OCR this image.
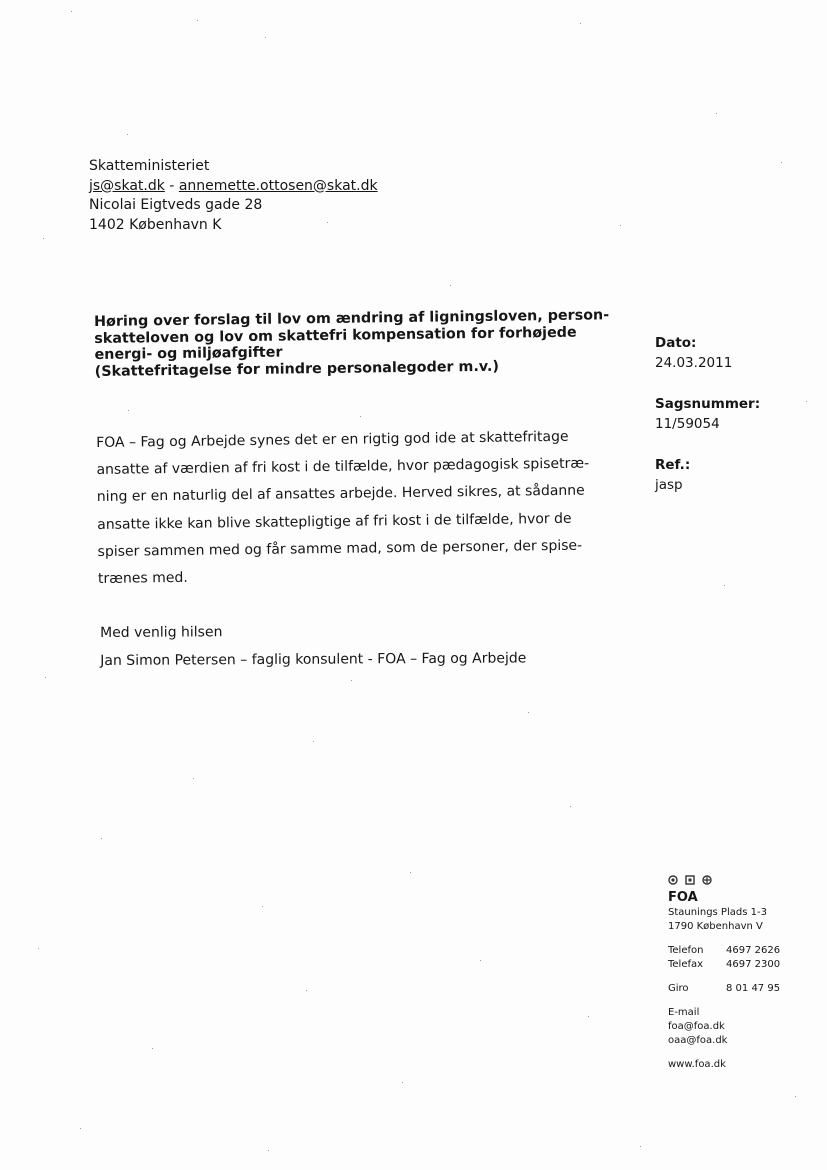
Skatteministeriet
js@skat.dk - annemette.ottosen@skat.dk
Nicolai Eigtveds gade 28
1402 København K
Høring over forslag til lov om ændring af ligningsloven, person-
skatteloven og lov om skattefri kompensation for forhøjede
energi- og miljøafgifter
(Skattefritagelse for mindre personalegoder m.v.)
Dato:
24.03.2011
Sagsnummer:
11/59054
Ref.:
jasp
FOA – Fag og Arbejde synes det er en rigtig god ide at skattefritage
ansatte af værdien af fri kost i de tilfælde, hvor pædagogisk spisetræ-
ning er en naturlig del af ansattes arbejde. Herved sikres, at sådanne
ansatte ikke kan blive skattepligtige af fri kost i de tilfælde, hvor de
spiser sammen med og får samme mad, som de personer, der spise-
trænes med.
Med venlig hilsen
Jan Simon Petersen – faglig konsulent - FOA – Fag og Arbejde

FOA
Staunings Plads 1-3
1790 København V
Telefon 4697 2626
Telefax 4697 2300
Giro	8 01 47 95
E-mail
foa@foa.dk
oaa@foa.dk
www.foa.dk
